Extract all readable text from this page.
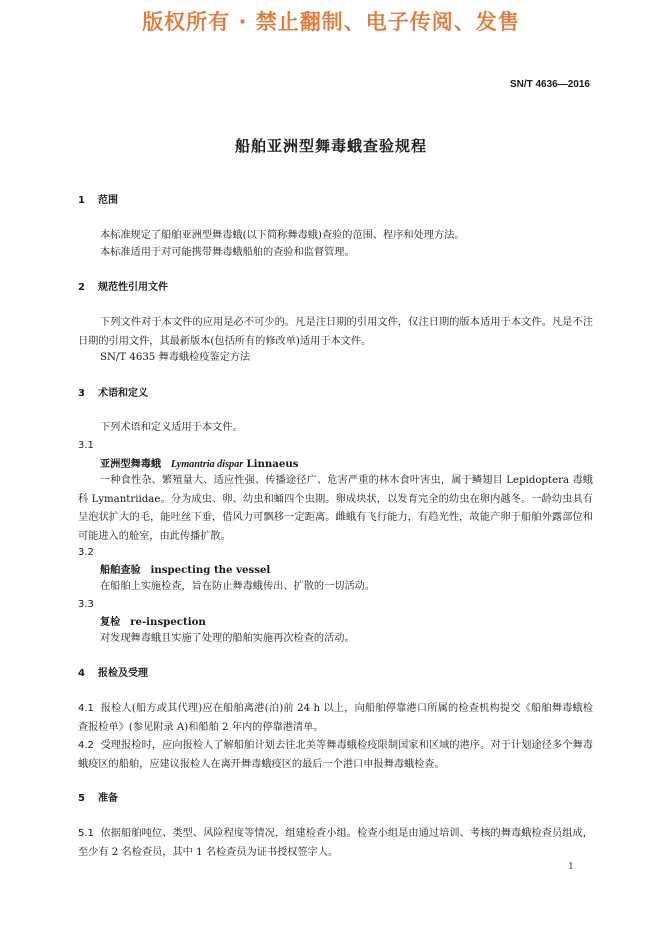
版权所有 · 禁止翻制、电子传阅、发售
SN/T 4636—2016
船舶亚洲型舞毒蛾查验规程
1 范围
本标准规定了船舶亚洲型舞毒蛾(以下简称舞毒蛾)查验的范围、程序和处理方法。
本标准适用于对可能携带舞毒蛾船舶的查验和监督管理。
2 规范性引用文件
下列文件对于本文件的应用是必不可少的。凡是注日期的引用文件，仅注日期的版本适用于本文件。凡是不注日期的引用文件，其最新版本(包括所有的修改单)适用于本文件。
SN/T 4635 舞毒蛾检疫鉴定方法
3 术语和定义
下列术语和定义适用于本文件。
3.1
亚洲型舞毒蛾 Lymantria dispar Linnaeus
一种食性杂、繁殖量大、适应性强、传播途径广、危害严重的林木食叶害虫，属于鳞翅目 Lepidoptera 毒蛾科 Lymantriidae。分为成虫、卵、幼虫和蛹四个虫期。卵成块状，以发育完全的幼虫在卵内越冬。一龄幼虫具有呈泡状扩大的毛，能吐丝下垂，借风力可飘移一定距离。雌蛾有飞行能力，有趋光性，故能产卵于船舶外露部位和可能进入的舱室，由此传播扩散。
3.2
船舶查验 inspecting the vessel
在船舶上实施检查，旨在防止舞毒蛾传出、扩散的一切活动。
3.3
复检 re-inspection
对发现舞毒蛾且实施了处理的船舶实施再次检查的活动。
4 报检及受理
4.1 报检人(船方或其代理)应在船舶离港(泊)前 24 h 以上，向船舶停靠港口所属的检查机构提交《船舶舞毒蛾检查报检单》(参见附录 A)和船舶 2 年内的停靠港清单。
4.2 受理报检时，应向报检人了解船舶计划去往北美等舞毒蛾检疫限制国家和区域的港序。对于计划途径多个舞毒蛾疫区的船舶，应建议报检人在离开舞毒蛾疫区的最后一个港口申报舞毒蛾检查。
5 准备
5.1 依据船舶吨位、类型、风险程度等情况，组建检查小组。检查小组是由通过培训、考核的舞毒蛾检查员组成，至少有 2 名检查员，其中 1 名检查员为证书授权签字人。
1
